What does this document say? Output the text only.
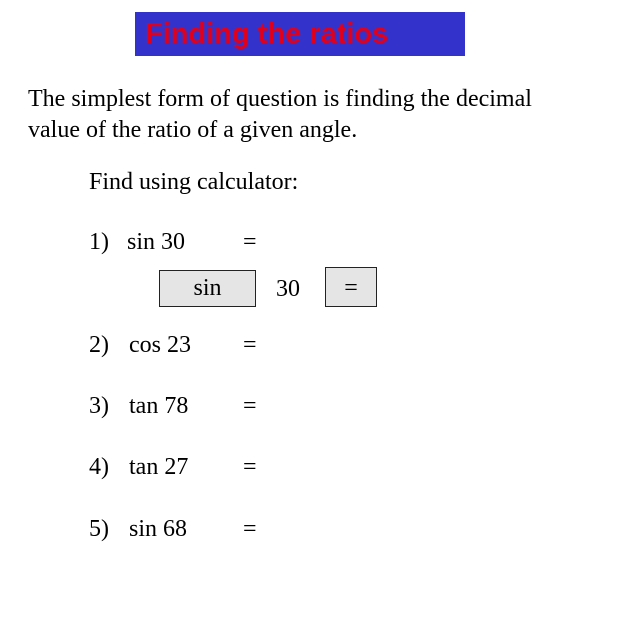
Finding the ratios
The simplest form of question is finding the decimal
value of the ratio of a given angle.
Find using calculator:
1) sin 30 =
sin	30	=
2) cos 23 =
3) tan 78 =
4) tan 27 =
5) sin 68 =
